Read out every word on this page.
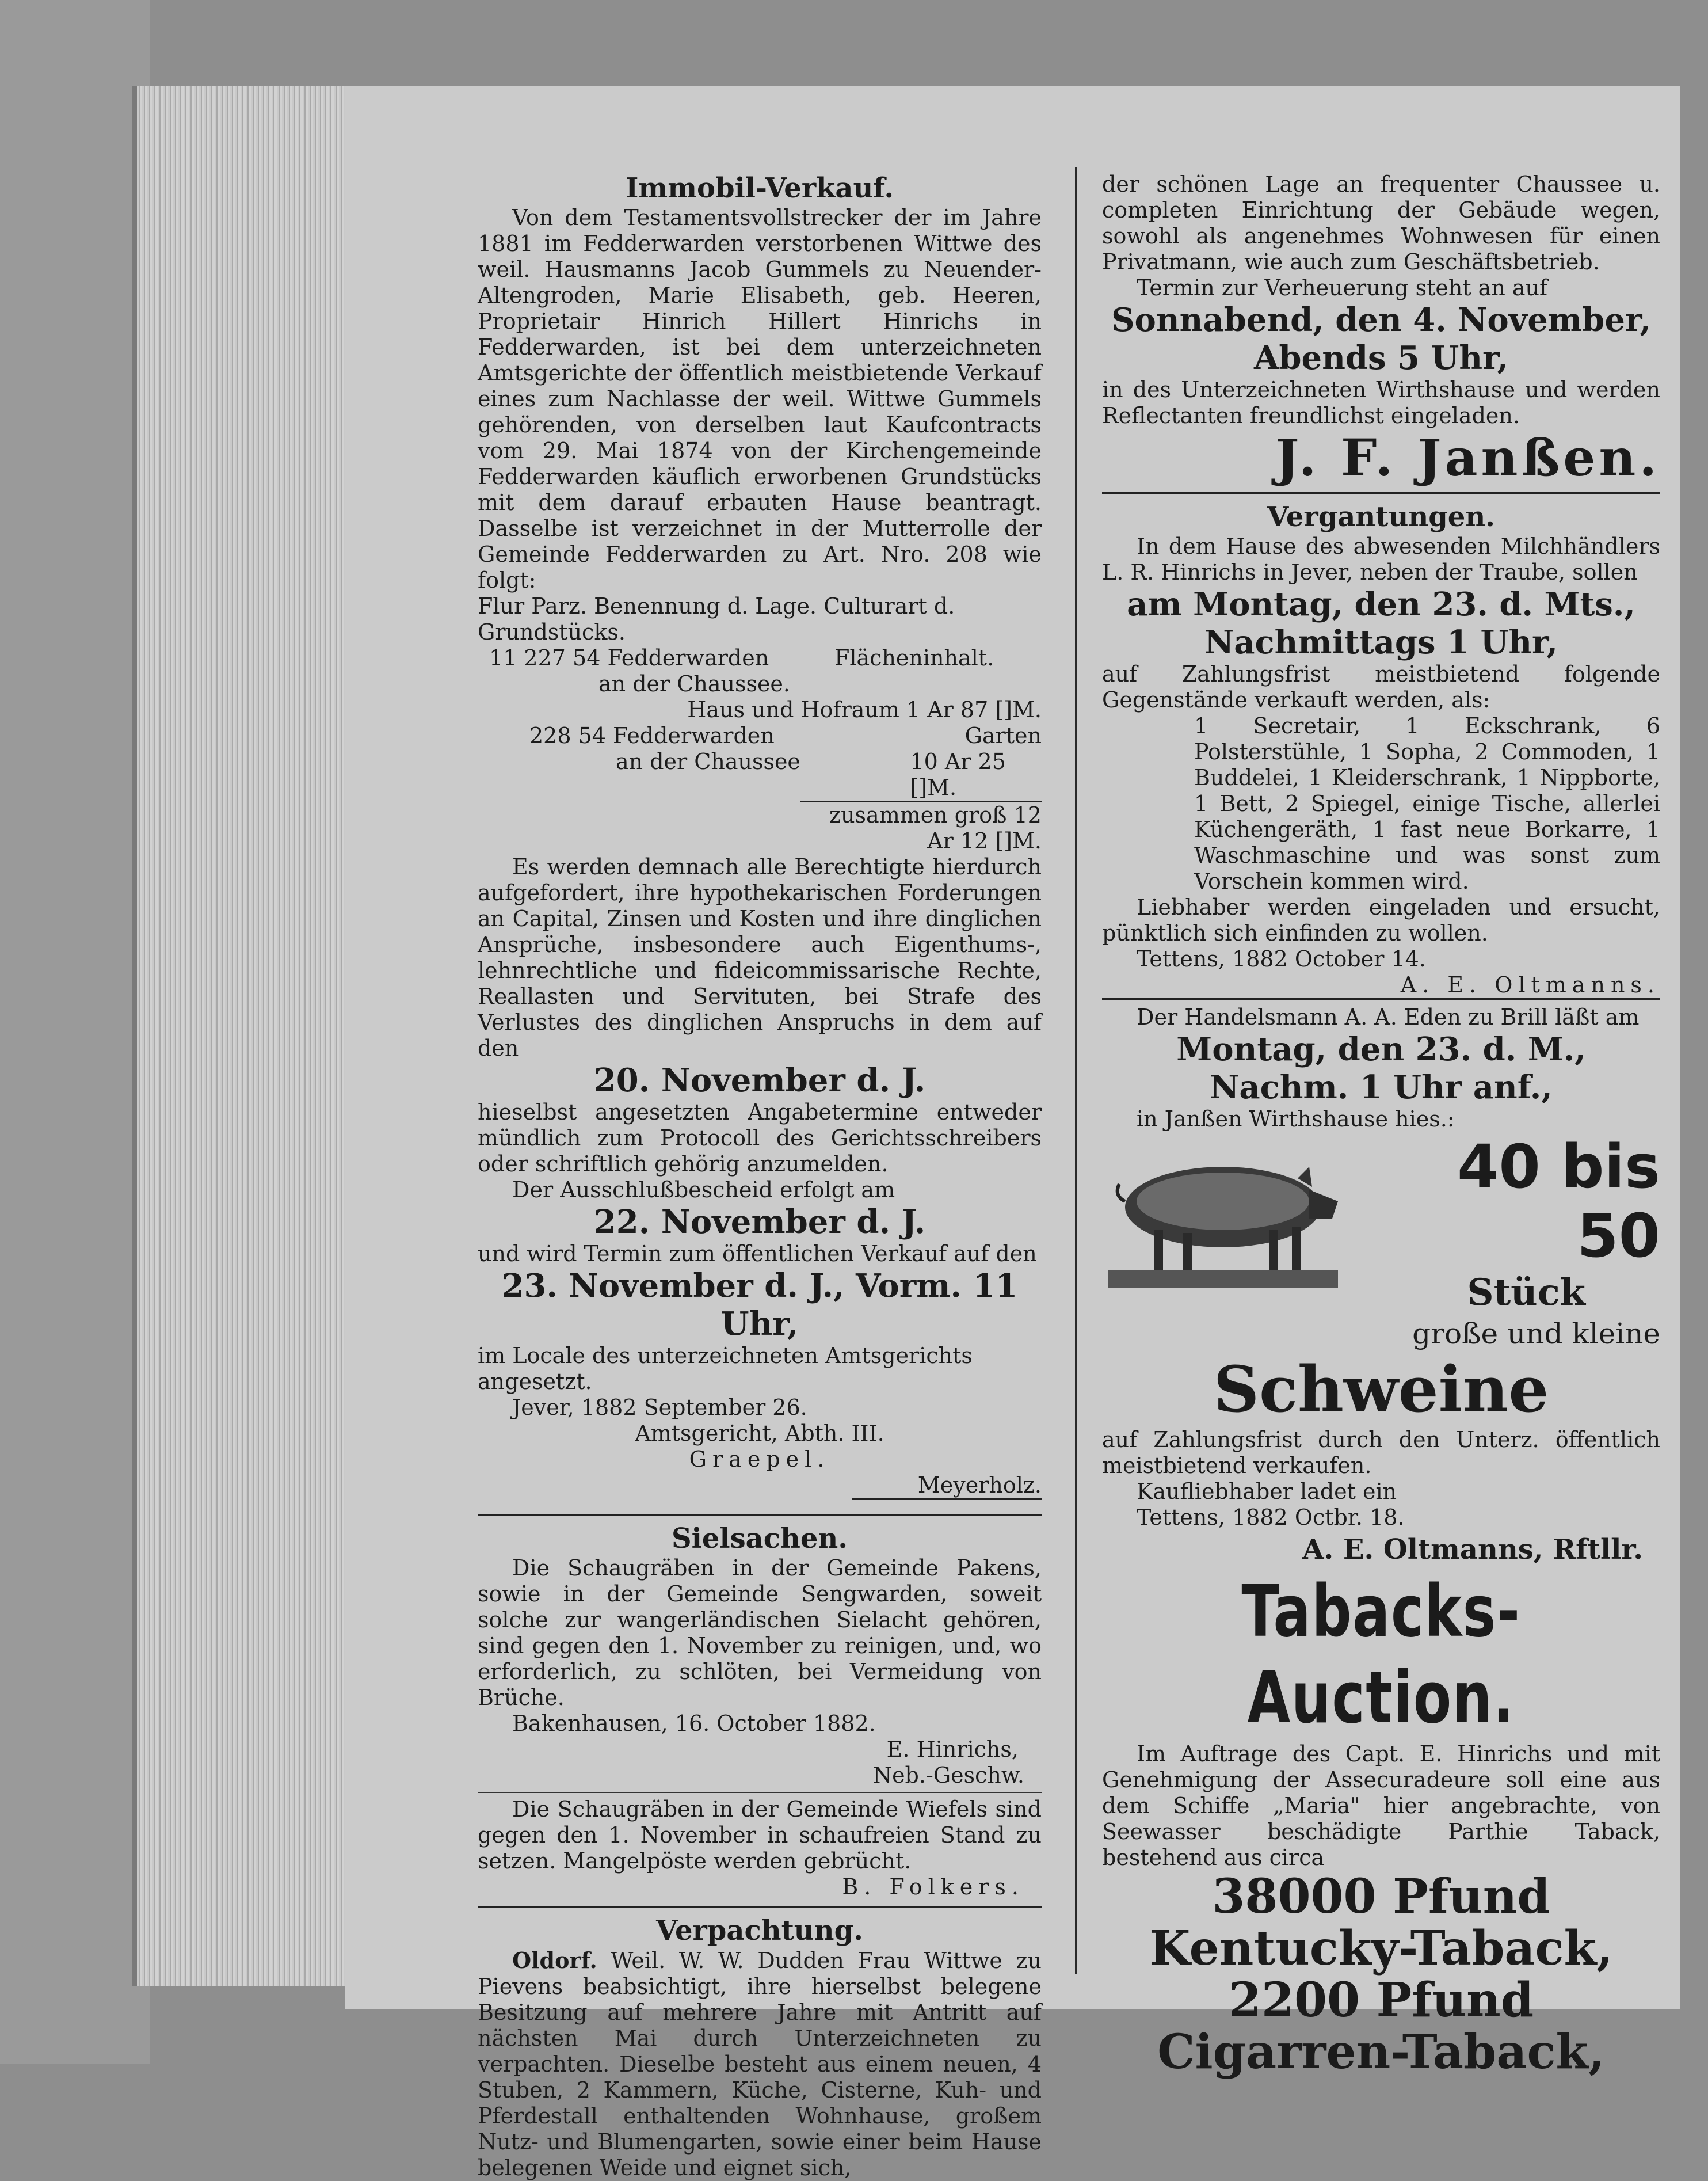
Immobil-Verkauf.
Von dem Testamentsvollstrecker der im Jahre 1881 im Fedderwarden verstorbenen Wittwe des weil. Hausmanns Jacob Gummels zu Neuender-Altengroden, Marie Elisabeth, geb. Heeren, Proprietair Hinrich Hillert Hinrichs in Fedderwarden, ist bei dem unterzeichneten Amtsgerichte der öffentlich meistbietende Verkauf eines zum Nachlasse der weil. Wittwe Gummels gehörenden, von derselben laut Kaufcontracts vom 29. Mai 1874 von der Kirchengemeinde Fedderwarden käuflich erworbenen Grundstücks mit dem darauf erbauten Hause beantragt. Dasselbe ist verzeichnet in der Mutterrolle der Gemeinde Fedderwarden zu Art. Nro. 208 wie folgt:
Flur Parz. Benennung d. Lage. Culturart d. Grundstücks.
11 227 54 Fedderwarden	Flächeninhalt.
an der Chaussee.
Haus und Hofraum 1 Ar 87 []M.
228 54 Fedderwarden	Garten
an der Chaussee	10 Ar 25 []M.
zusammen groß 12 Ar 12 []M.
Es werden demnach alle Berechtigte hierdurch aufgefordert, ihre hypothekarischen Forderungen an Capital, Zinsen und Kosten und ihre dinglichen Ansprüche, insbesondere auch Eigenthums-, lehnrechtliche und fideicommissarische Rechte, Reallasten und Servituten, bei Strafe des Verlustes des dinglichen Anspruchs in dem auf den
20. November d. J.
hieselbst angesetzten Angabetermine entweder mündlich zum Protocoll des Gerichtsschreibers oder schriftlich gehörig anzumelden.
Der Ausschlußbescheid erfolgt am
22. November d. J.
und wird Termin zum öffentlichen Verkauf auf den
23. November d. J., Vorm. 11 Uhr,
im Locale des unterzeichneten Amtsgerichts angesetzt.
Jever, 1882 September 26.
Amtsgericht, Abth. III.
Graepel.
Meyerholz.
Sielsachen.
Die Schaugräben in der Gemeinde Pakens, sowie in der Gemeinde Sengwarden, soweit solche zur wangerländischen Sielacht gehören, sind gegen den 1. November zu reinigen, und, wo erforderlich, zu schlöten, bei Vermeidung von Brüche.
Bakenhausen, 16. October 1882.
E. Hinrichs,
Neb.-Geschw.
Die Schaugräben in der Gemeinde Wiefels sind gegen den 1. November in schaufreien Stand zu setzen. Mangelpöste werden gebrücht.
B. Folkers.
Verpachtung.
Oldorf. Weil. W. W. Dudden Frau Wittwe zu Pievens beabsichtigt, ihre hierselbst belegene Besitzung auf mehrere Jahre mit Antritt auf nächsten Mai durch Unterzeichneten zu verpachten. Dieselbe besteht aus einem neuen, 4 Stuben, 2 Kammern, Küche, Cisterne, Kuh- und Pferdestall enthaltenden Wohnhause, großem Nutz- und Blumengarten, sowie einer beim Hause belegenen Weide und eignet sich,
der schönen Lage an frequenter Chaussee u. completen Einrichtung der Gebäude wegen, sowohl als angenehmes Wohnwesen für einen Privatmann, wie auch zum Geschäftsbetrieb.
Termin zur Verheuerung steht an auf
Sonnabend, den 4. November,
Abends 5 Uhr,
in des Unterzeichneten Wirthshause und werden Reflectanten freundlichst eingeladen.
J. F. Janßen.
Vergantungen.
In dem Hause des abwesenden Milchhändlers L. R. Hinrichs in Jever, neben der Traube, sollen
am Montag, den 23. d. Mts.,
Nachmittags 1 Uhr,
auf Zahlungsfrist meistbietend folgende Gegenstände verkauft werden, als:
1 Secretair, 1 Eckschrank, 6 Polsterstühle, 1 Sopha, 2 Commoden, 1 Buddelei, 1 Kleiderschrank, 1 Nippborte, 1 Bett, 2 Spiegel, einige Tische, allerlei Küchengeräth, 1 fast neue Borkarre, 1 Waschmaschine und was sonst zum Vorschein kommen wird.
Liebhaber werden eingeladen und ersucht, pünktlich sich einfinden zu wollen.
Tettens, 1882 October 14.
A. E. Oltmanns.
Der Handelsmann A. A. Eden zu Brill läßt am
Montag, den 23. d. M.,
Nachm. 1 Uhr anf.,
in Janßen Wirthshause hies.:
40 bis 50
Stück
große und kleine
Schweine
auf Zahlungsfrist durch den Unterz. öffentlich meistbietend verkaufen.
Kaufliebhaber ladet ein
Tettens, 1882 Octbr. 18.
A. E. Oltmanns, Rftllr.
Tabacks-Auction.
Im Auftrage des Capt. E. Hinrichs und mit Genehmigung der Assecuradeure soll eine aus dem Schiffe „Maria" hier angebrachte, von Seewasser beschädigte Parthie Taback, bestehend aus circa
38000 Pfund
Kentucky-Taback,
2200 Pfund
Cigarren-Taback,
